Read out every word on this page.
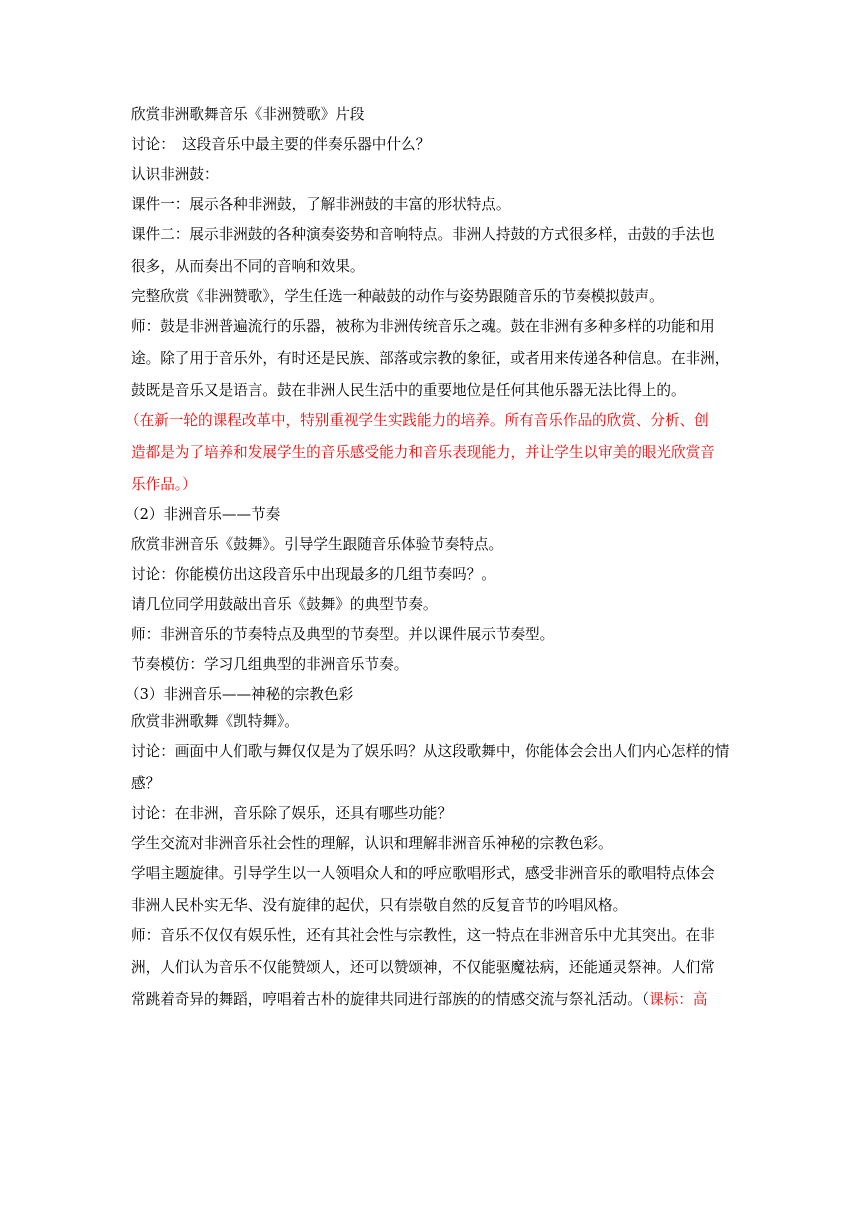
欣赏非洲歌舞音乐《非洲赞歌》片段

讨论：　这段音乐中最主要的伴奏乐器中什么？

认识非洲鼓：

课件一：展示各种非洲鼓，了解非洲鼓的丰富的形状特点。

课件二：展示非洲鼓的各种演奏姿势和音响特点。非洲人持鼓的方式很多样，击鼓的手法也

很多，从而奏出不同的音响和效果。

完整欣赏《非洲赞歌》，学生任选一种敲鼓的动作与姿势跟随音乐的节奏模拟鼓声。

师：鼓是非洲普遍流行的乐器，被称为非洲传统音乐之魂。鼓在非洲有多种多样的功能和用

途。除了用于音乐外，有时还是民族、部落或宗教的象征，或者用来传递各种信息。在非洲，

鼓既是音乐又是语言。鼓在非洲人民生活中的重要地位是任何其他乐器无法比得上的。

（在新一轮的课程改革中，特别重视学生实践能力的培养。所有音乐作品的欣赏、分析、创

造都是为了培养和发展学生的音乐感受能力和音乐表现能力，并让学生以审美的眼光欣赏音

乐作品。）

（2）非洲音乐——节奏

欣赏非洲音乐《鼓舞》。引导学生跟随音乐体验节奏特点。

讨论：你能模仿出这段音乐中出现最多的几组节奏吗？。

请几位同学用鼓敲出音乐《鼓舞》的典型节奏。

师：非洲音乐的节奏特点及典型的节奏型。并以课件展示节奏型。

节奏模仿：学习几组典型的非洲音乐节奏。

（3）非洲音乐——神秘的宗教色彩

欣赏非洲歌舞《凯特舞》。

讨论：画面中人们歌与舞仅仅是为了娱乐吗？从这段歌舞中，你能体会会出人们内心怎样的情

感？

讨论：在非洲，音乐除了娱乐，还具有哪些功能？

学生交流对非洲音乐社会性的理解，认识和理解非洲音乐神秘的宗教色彩。

学唱主题旋律。引导学生以一人领唱众人和的呼应歌唱形式，感受非洲音乐的歌唱特点体会

非洲人民朴实无华、没有旋律的起伏，只有崇敬自然的反复音节的吟唱风格。

师：音乐不仅仅有娱乐性，还有其社会性与宗教性，这一特点在非洲音乐中尤其突出。在非

洲，人们认为音乐不仅能赞颂人，还可以赞颂神，不仅能驱魔祛病，还能通灵祭神。人们常

常跳着奇异的舞蹈，哼唱着古朴的旋律共同进行部族的的情感交流与祭礼活动。（课标：高
